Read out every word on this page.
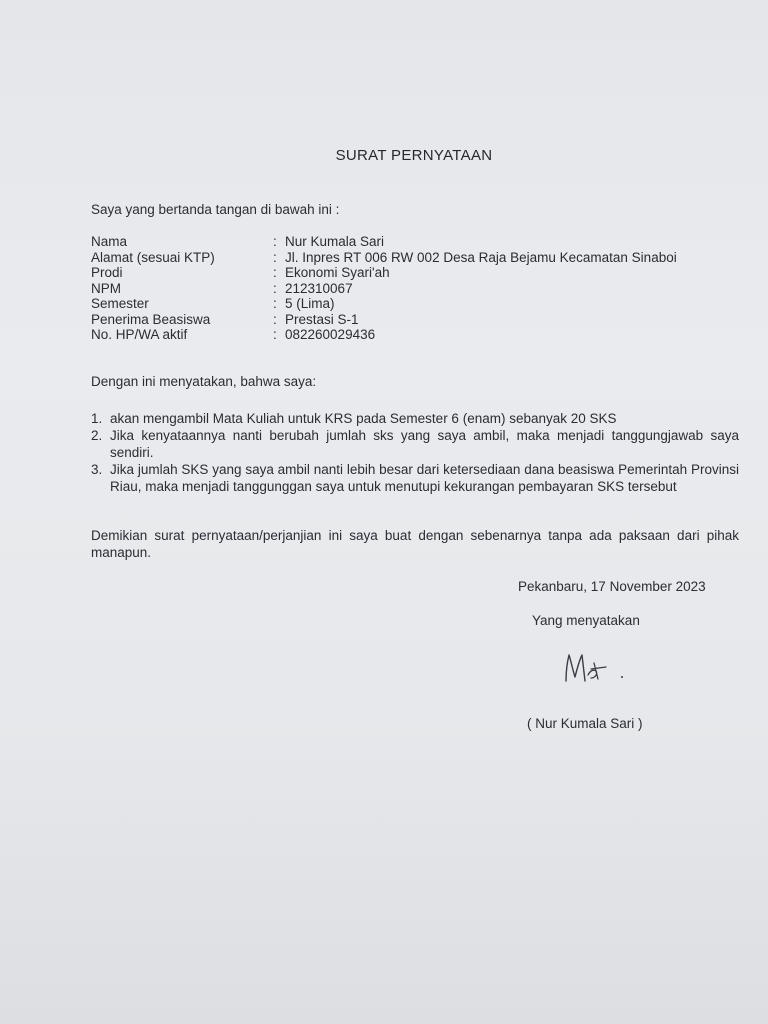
SURAT PERNYATAAN
Saya yang bertanda tangan di bawah ini :
Nama	: Nur Kumala Sari
Alamat (sesuai KTP)	: Jl. Inpres RT 006 RW 002 Desa Raja Bejamu Kecamatan Sinaboi
Prodi	: Ekonomi Syari'ah
NPM	: 212310067
Semester	: 5 (Lima)
Penerima Beasiswa	: Prestasi S-1
No. HP/WA aktif	: 082260029436
Dengan ini menyatakan, bahwa saya:
1. akan mengambil Mata Kuliah untuk KRS pada Semester 6 (enam) sebanyak 20 SKS
2. Jika kenyataannya nanti berubah jumlah sks yang saya ambil, maka menjadi tanggungjawab saya sendiri.
3. Jika jumlah SKS yang saya ambil nanti lebih besar dari ketersediaan dana beasiswa Pemerintah Provinsi Riau, maka menjadi tanggunggan saya untuk menutupi kekurangan pembayaran SKS tersebut
Demikian surat pernyataan/perjanjian ini saya buat dengan sebenarnya tanpa ada paksaan dari pihak manapun.
Pekanbaru, 17 November 2023
Yang menyatakan
( Nur Kumala Sari )
